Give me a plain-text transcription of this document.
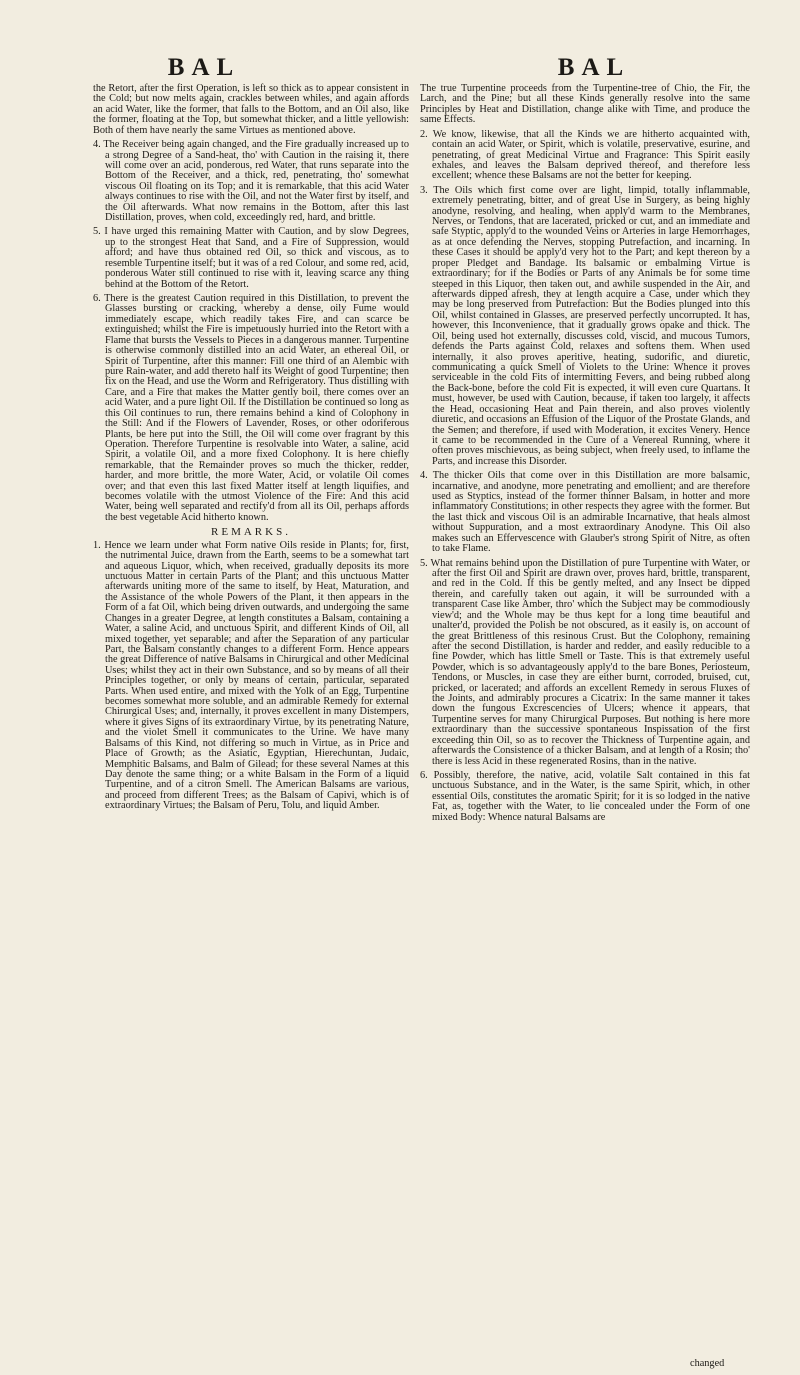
BAL	BAL

the Retort, after the first Operation, is left so thick as to appear consistent in the Cold; but now melts again, crackles between whiles, and again affords an acid Water, like the former, that falls to the Bottom, and an Oil also, like the former, floating at the Top, but somewhat thicker, and a little yellowish: Both of them have nearly the same Virtues as mentioned above.

4. The Receiver being again changed, and the Fire gradually increased up to a strong Degree of a Sand-heat, tho' with Caution in the raising it, there will come over an acid, ponderous, red Water, that runs separate into the Bottom of the Receiver, and a thick, red, penetrating, tho' somewhat viscous Oil floating on its Top; and it is remarkable, that this acid Water always continues to rise with the Oil, and not the Water first by itself, and the Oil afterwards. What now remains in the Bottom, after this last Distillation, proves, when cold, exceedingly red, hard, and brittle.

5. I have urged this remaining Matter with Caution, and by slow Degrees, up to the strongest Heat that Sand, and a Fire of Suppression, would afford; and have thus obtained red Oil, so thick and viscous, as to resemble Turpentine itself; but it was of a red Colour, and some red, acid, ponderous Water still continued to rise with it, leaving scarce any thing behind at the Bottom of the Retort.

6. There is the greatest Caution required in this Distillation, to prevent the Glasses bursting or cracking, whereby a dense, oily Fume would immediately escape, which readily takes Fire, and can scarce be extinguished; whilst the Fire is impetuously hurried into the Retort with a Flame that bursts the Vessels to Pieces in a dangerous manner. Turpentine is otherwise commonly distilled into an acid Water, an ethereal Oil, or Spirit of Turpentine, after this manner: Fill one third of an Alembic with pure Rain-water, and add thereto half its Weight of good Turpentine; then fix on the Head, and use the Worm and Refrigeratory. Thus distilling with Care, and a Fire that makes the Matter gently boil, there comes over an acid Water, and a pure light Oil. If the Distillation be continued so long as this Oil continues to run, there remains behind a kind of Colophony in the Still: And if the Flowers of Lavender, Roses, or other odoriferous Plants, be here put into the Still, the Oil will come over fragrant by this Operation. Therefore Turpentine is resolvable into Water, a saline, acid Spirit, a volatile Oil, and a more fixed Colophony. It is here chiefly remarkable, that the Remainder proves so much the thicker, redder, harder, and more brittle, the more Water, Acid, or volatile Oil comes over; and that even this last fixed Matter itself at length liquifies, and becomes volatile with the utmost Violence of the Fire: And this acid Water, being well separated and rectify'd from all its Oil, perhaps affords the best vegetable Acid hitherto known.

REMARKS.

1. Hence we learn under what Form native Oils reside in Plants; for, first, the nutrimental Juice, drawn from the Earth, seems to be a somewhat tart and aqueous Liquor, which, when received, gradually deposits its more unctuous Matter in certain Parts of the Plant; and this unctuous Matter afterwards uniting more of the same to itself, by Heat, Maturation, and the Assistance of the whole Powers of the Plant, it then appears in the Form of a fat Oil, which being driven outwards, and undergoing the same Changes in a greater Degree, at length constitutes a Balsam, containing a Water, a saline Acid, and unctuous Spirit, and different Kinds of Oil, all mixed together, yet separable; and after the Separation of any particular Part, the Balsam constantly changes to a different Form. Hence appears the great Difference of native Balsams in Chirurgical and other Medicinal Uses; whilst they act in their own Substance, and so by means of all their Principles together, or only by means of certain, particular, separated Parts. When used entire, and mixed with the Yolk of an Egg, Turpentine becomes somewhat more soluble, and an admirable Remedy for external Chirurgical Uses; and, internally, it proves excellent in many Distempers, where it gives Signs of its extraordinary Virtue, by its penetrating Nature, and the violet Smell it communicates to the Urine. We have many Balsams of this Kind, not differing so much in Virtue, as in Price and Place of Growth; as the Asiatic, Egyptian, Hierechuntan, Judaic, Memphitic Balsams, and Balm of Gilead; for these several Names at this Day denote the same thing; or a white Balsam in the Form of a liquid Turpentine, and of a citron Smell. The American Balsams are various, and proceed from different Trees; as the Balsam of Capivi, which is of extraordinary Virtues; the Balsam of Peru, Tolu, and liquid Amber.

The true Turpentine proceeds from the Turpentine-tree of Chio, the Fir, the Larch, and the Pine; but all these Kinds generally resolve into the same Principles by Heat and Distillation, change alike with Time, and produce the same Effects.

2. We know, likewise, that all the Kinds we are hitherto acquainted with, contain an acid Water, or Spirit, which is volatile, preservative, esurine, and penetrating, of great Medicinal Virtue and Fragrance: This Spirit easily exhales, and leaves the Balsam deprived thereof, and therefore less excellent; whence these Balsams are not the better for keeping.

3. The Oils which first come over are light, limpid, totally inflammable, extremely penetrating, bitter, and of great Use in Surgery, as being highly anodyne, resolving, and healing, when apply'd warm to the Membranes, Nerves, or Tendons, that are lacerated, pricked or cut, and an immediate and safe Styptic, apply'd to the wounded Veins or Arteries in large Hemorrhages, as at once defending the Nerves, stopping Putrefaction, and incarning. In these Cases it should be apply'd very hot to the Part; and kept thereon by a proper Pledget and Bandage. Its balsamic or embalming Virtue is extraordinary; for if the Bodies or Parts of any Animals be for some time steeped in this Liquor, then taken out, and awhile suspended in the Air, and afterwards dipped afresh, they at length acquire a Case, under which they may be long preserved from Putrefaction: But the Bodies plunged into this Oil, whilst contained in Glasses, are preserved perfectly uncorrupted. It has, however, this Inconvenience, that it gradually grows opake and thick. The Oil, being used hot externally, discusses cold, viscid, and mucous Tumors, defends the Parts against Cold, relaxes and softens them. When used internally, it also proves aperitive, heating, sudorific, and diuretic, communicating a quick Smell of Violets to the Urine: Whence it proves serviceable in the cold Fits of intermitting Fevers, and being rubbed along the Back-bone, before the cold Fit is expected, it will even cure Quartans. It must, however, be used with Caution, because, if taken too largely, it affects the Head, occasioning Heat and Pain therein, and also proves violently diuretic, and occasions an Effusion of the Liquor of the Prostate Glands, and the Semen; and therefore, if used with Moderation, it excites Venery. Hence it came to be recommended in the Cure of a Venereal Running, where it often proves mischievous, as being subject, when freely used, to inflame the Parts, and increase this Disorder.

4. The thicker Oils that come over in this Distillation are more balsamic, incarnative, and anodyne, more penetrating and emollient; and are therefore used as Styptics, instead of the former thinner Balsam, in hotter and more inflammatory Constitutions; in other respects they agree with the former. But the last thick and viscous Oil is an admirable Incarnative, that heals almost without Suppuration, and a most extraordinary Anodyne. This Oil also makes such an Effervescence with Glauber's strong Spirit of Nitre, as often to take Flame.

5. What remains behind upon the Distillation of pure Turpentine with Water, or after the first Oil and Spirit are drawn over, proves hard, brittle, transparent, and red in the Cold. If this be gently melted, and any Insect be dipped therein, and carefully taken out again, it will be surrounded with a transparent Case like Amber, thro' which the Subject may be commodiously view'd; and the Whole may be thus kept for a long time beautiful and unalter'd, provided the Polish be not obscured, as it easily is, on account of the great Brittleness of this resinous Crust. But the Colophony, remaining after the second Distillation, is harder and redder, and easily reducible to a fine Powder, which has little Smell or Taste. This is that extremely useful Powder, which is so advantageously apply'd to the bare Bones, Periosteum, Tendons, or Muscles, in case they are either burnt, corroded, bruised, cut, pricked, or lacerated; and affords an excellent Remedy in serous Fluxes of the Joints, and admirably procures a Cicatrix: In the same manner it takes down the fungous Excrescencies of Ulcers; whence it appears, that Turpentine serves for many Chirurgical Purposes. But nothing is here more extraordinary than the successive spontaneous Inspissation of the first exceeding thin Oil, so as to recover the Thickness of Turpentine again, and afterwards the Consistence of a thicker Balsam, and at length of a Rosin; tho' there is less Acid in these regenerated Rosins, than in the native.

6. Possibly, therefore, the native, acid, volatile Salt contained in this fat unctuous Substance, and in the Water, is the same Spirit, which, in other essential Oils, constitutes the aromatic Spirit; for it is so lodged in the native Fat, as, together with the Water, to lie concealed under the Form of one mixed Body: Whence natural Balsams are

changed
